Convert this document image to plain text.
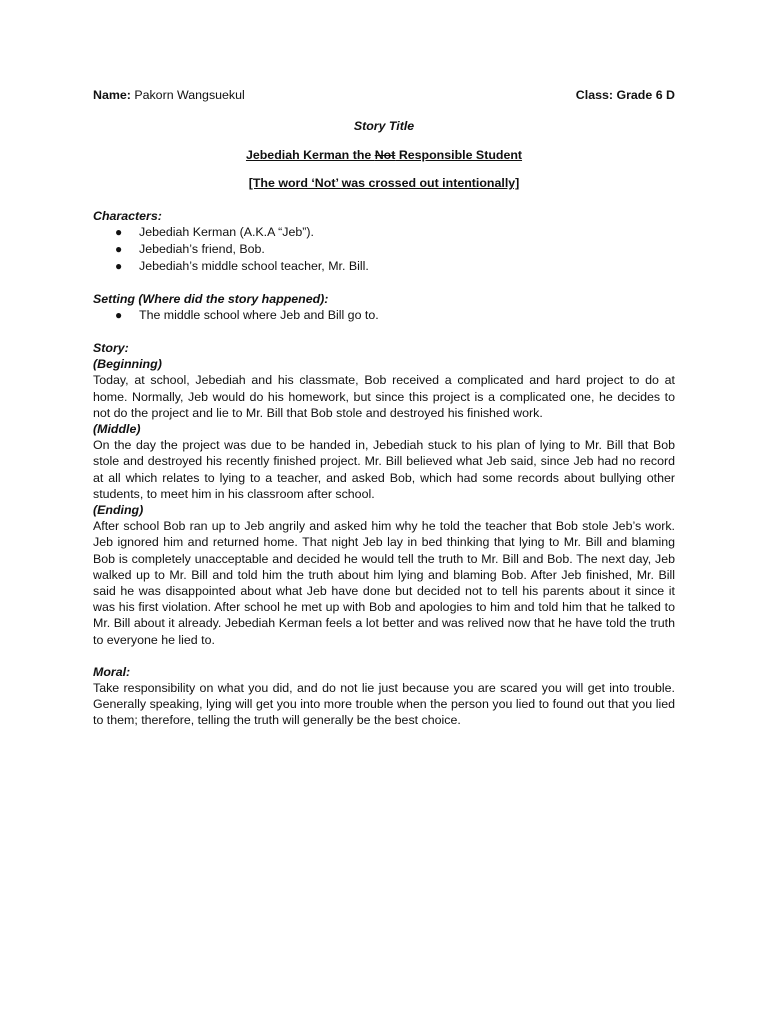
Name: Pakorn Wangsuekul	Class: Grade 6 D
Story Title
Jebediah Kerman the Not Responsible Student
[The word ‘Not’ was crossed out intentionally]
Characters:
● Jebediah Kerman (A.K.A “Jeb”).
● Jebediah’s friend, Bob.
● Jebediah’s middle school teacher, Mr. Bill.
Setting (Where did the story happened):
● The middle school where Jeb and Bill go to.
Story:
(Beginning)

Today, at school, Jebediah and his classmate, Bob received a complicated and hard project to do at home. Normally, Jeb would do his homework, but since this project is a complicated one, he decides to not do the project and lie to Mr. Bill that Bob stole and destroyed his finished work.

(Middle)

On the day the project was due to be handed in, Jebediah stuck to his plan of lying to Mr. Bill that Bob stole and destroyed his recently finished project. Mr. Bill believed what Jeb said, since Jeb had no record at all which relates to lying to a teacher, and asked Bob, which had some records about bullying other students, to meet him in his classroom after school.

(Ending)

After school Bob ran up to Jeb angrily and asked him why he told the teacher that Bob stole Jeb’s work. Jeb ignored him and returned home. That night Jeb lay in bed thinking that lying to Mr. Bill and blaming Bob is completely unacceptable and decided he would tell the truth to Mr. Bill and Bob. The next day, Jeb walked up to Mr. Bill and told him the truth about him lying and blaming Bob. After Jeb finished, Mr. Bill said he was disappointed about what Jeb have done but decided not to tell his parents about it since it was his first violation. After school he met up with Bob and apologies to him and told him that he talked to Mr. Bill about it already. Jebediah Kerman feels a lot better and was relived now that he have told the truth to everyone he lied to.

Moral:

Take responsibility on what you did, and do not lie just because you are scared you will get into trouble. Generally speaking, lying will get you into more trouble when the person you lied to found out that you lied to them; therefore, telling the truth will generally be the best choice.
